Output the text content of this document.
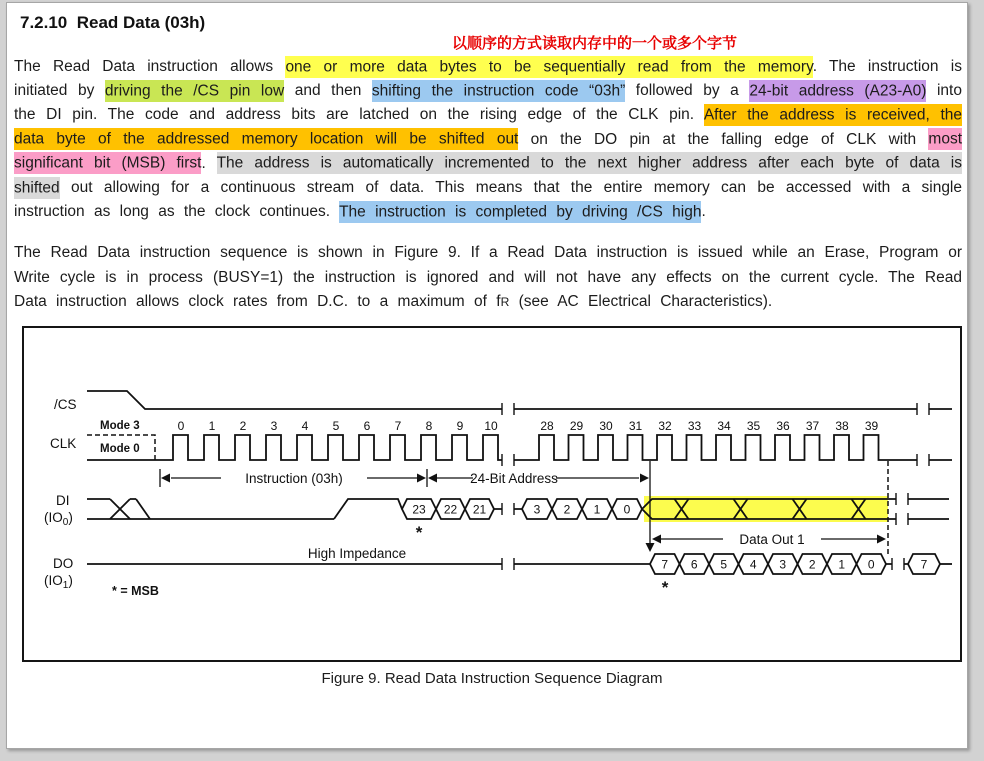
7.2.10  Read Data (03h)
以顺序的方式读取内存中的一个或多个字节

The Read Data instruction allows one or more data bytes to be sequentially read from the memory. The instruction is initiated by driving the /CS pin low and then shifting the instruction code “03h” followed by a 24-bit address (A23-A0) into the DI pin. The code and address bits are latched on the rising edge of the CLK pin. After the address is received, the data byte of the addressed memory location will be shifted out on the DO pin at the falling edge of CLK with most significant bit (MSB) first. The address is automatically incremented to the next higher address after each byte of data is shifted out allowing for a continuous stream of data. This means that the entire memory can be accessed with a single instruction as long as the clock continues. The instruction is completed by driving /CS high.

The Read Data instruction sequence is shown in Figure 9. If a Read Data instruction is issued while an Erase, Program or Write cycle is in process (BUSY=1) the instruction is ignored and will not have any effects on the current cycle. The Read Data instruction allows clock rates from D.C. to a maximum of fR (see AC Electrical Characteristics).

Instruction (03h)	24-Bit Address
Data Out 1
/CS
CLK
DI
$(IO_0)$
DO
$(IO_1)$
Mode 3
Mode 0
0 1 2 3 4 5 6 7 8 9 10	28 29 30 31 32 33 34 35 36 37 38 39
23 22 21	3 2 1 0
7 6 5 4 3 2 1 0	7
High Impedance
*
*
* = MSB
Figure 9. Read Data Instruction Sequence Diagram
